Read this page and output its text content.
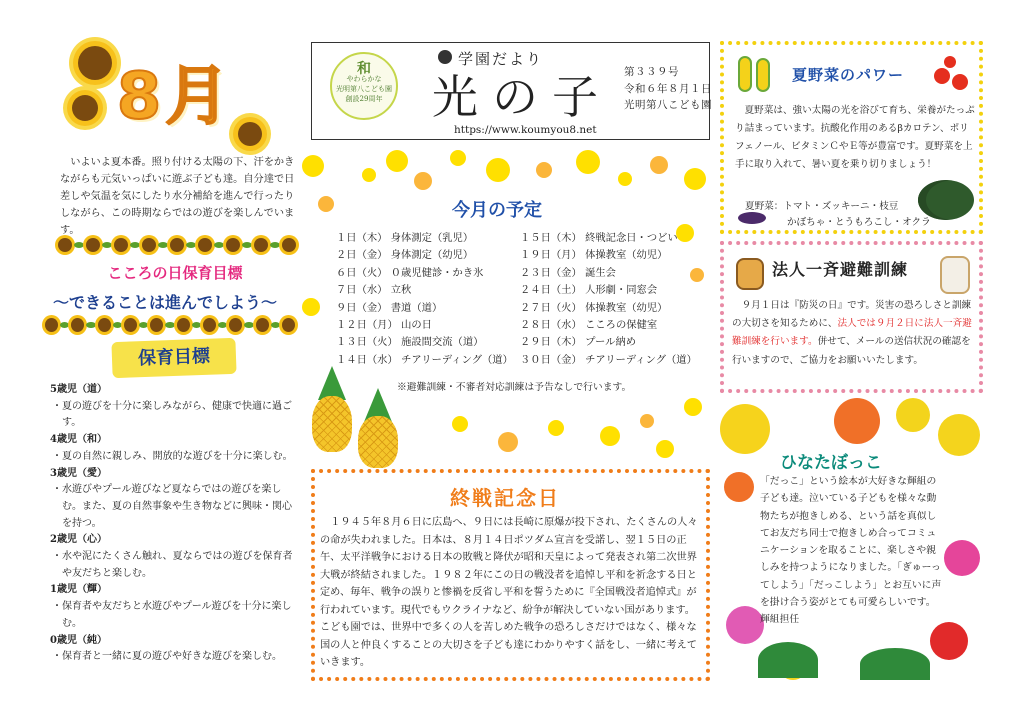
8月

いよいよ夏本番。照り付ける太陽の下、汗をかきながらも元気いっぱいに遊ぶ子ども達。自分達で日差しや気温を気にしたり水分補給を進んで行ったりしながら、この時期ならではの遊びを楽しんでいます。

こころの日保育目標
～できることは進んでしよう～
保育目標
5歳児（道）
・夏の遊びを十分に楽しみながら、健康で快適に過ごす。
4歳児（和）
・夏の自然に親しみ、開放的な遊びを十分に楽しむ。
3歳児（愛）
・水遊びやプール遊びなど夏ならではの遊びを楽しむ。また、夏の自然事象や生き物などに興味・関心を持つ。
2歳児（心）
・水や泥にたくさん触れ、夏ならではの遊びを保育者や友だちと楽しむ。
1歳児（輝）
・保育者や友だちと水遊びやプール遊びを十分に楽しむ。
0歳児（純）
・保育者と一緒に夏の遊びや好きな遊びを楽しむ。
和
やわらかな
光明第八こども園
創設29周年
学園だより
光の子 第３３９号
令和６年８月１日
光明第八こども園
https://www.koumyou8.net
今月の予定
１日（木） 身体測定（乳児）
２日（金） 身体測定（幼児）
６日（火） ０歳児健診・かき氷
７日（水） 立秋
９日（金） 書道（道）
１２日（月） 山の日
１３日（火） 施設間交流（道）
１４日（水） チアリーディング（道）
１５日（木） 終戦記念日・つどい
１９日（月） 体操教室（幼児）
２３日（金） 誕生会
２４日（土） 人形劇・同窓会
２７日（火） 体操教室（幼児）
２８日（水） こころの保健室
２９日（木） プール納め
３０日（金） チアリーディング（道）
※避難訓練・不審者対応訓練は予告なしで行います。
終戦記念日

１９４５年８月６日に広島へ、９日には長崎に原爆が投下され、たくさんの人々の命が失われました。日本は、８月１４日ポツダム宣言を受諾し、翌１５日の正午、太平洋戦争における日本の敗戦と降伏が昭和天皇によって発表され第二次世界大戦が終結されました。１９８２年にこの日の戦没者を追悼し平和を祈念する日と定め、毎年、戦争の誤りと惨禍を反省し平和を誓うために『全国戦没者追悼式』が行われています。現代でもウクライナなど、紛争が解決していない国があります。こども園では、世界中で多くの人を苦しめた戦争の恐ろしさだけではなく、様々な国の人と仲良くすることの大切さを子ども達にわかりやすく話をし、一緒に考えていきます。

夏野菜のパワー

夏野菜は、強い太陽の光を浴びて育ち、栄養がたっぷり詰まっています。抗酸化作用のあるβカロテン、ポリフェノール、ビタミンＣやＥ等が豊富です。夏野菜を上手に取り入れて、暑い夏を乗り切りましょう！

夏野菜：トマト・ズッキーニ・枝豆
かぼちゃ・とうもろこし・オクラ
法人一斉避難訓練

９月１日は『防災の日』です。災害の恐ろしさと訓練の大切さを知るために、法人では９月２日に法人一斉避難訓練を行います。併せて、メールの送信状況の確認を行いますので、ご協力をお願いいたします。

ひなたぼっこ

「だっこ」という絵本が大好きな輝組の子ども達。泣いている子どもを様々な動物たちが抱きしめる、という話を真似してお友だち同士で抱きしめ合ってコミュニケーションを取ることに、楽しさや親しみを持つようになりました。「ぎゅーってしよう」「だっこしよう」とお互いに声を掛け合う姿がとても可愛らしいです。　輝組担任
